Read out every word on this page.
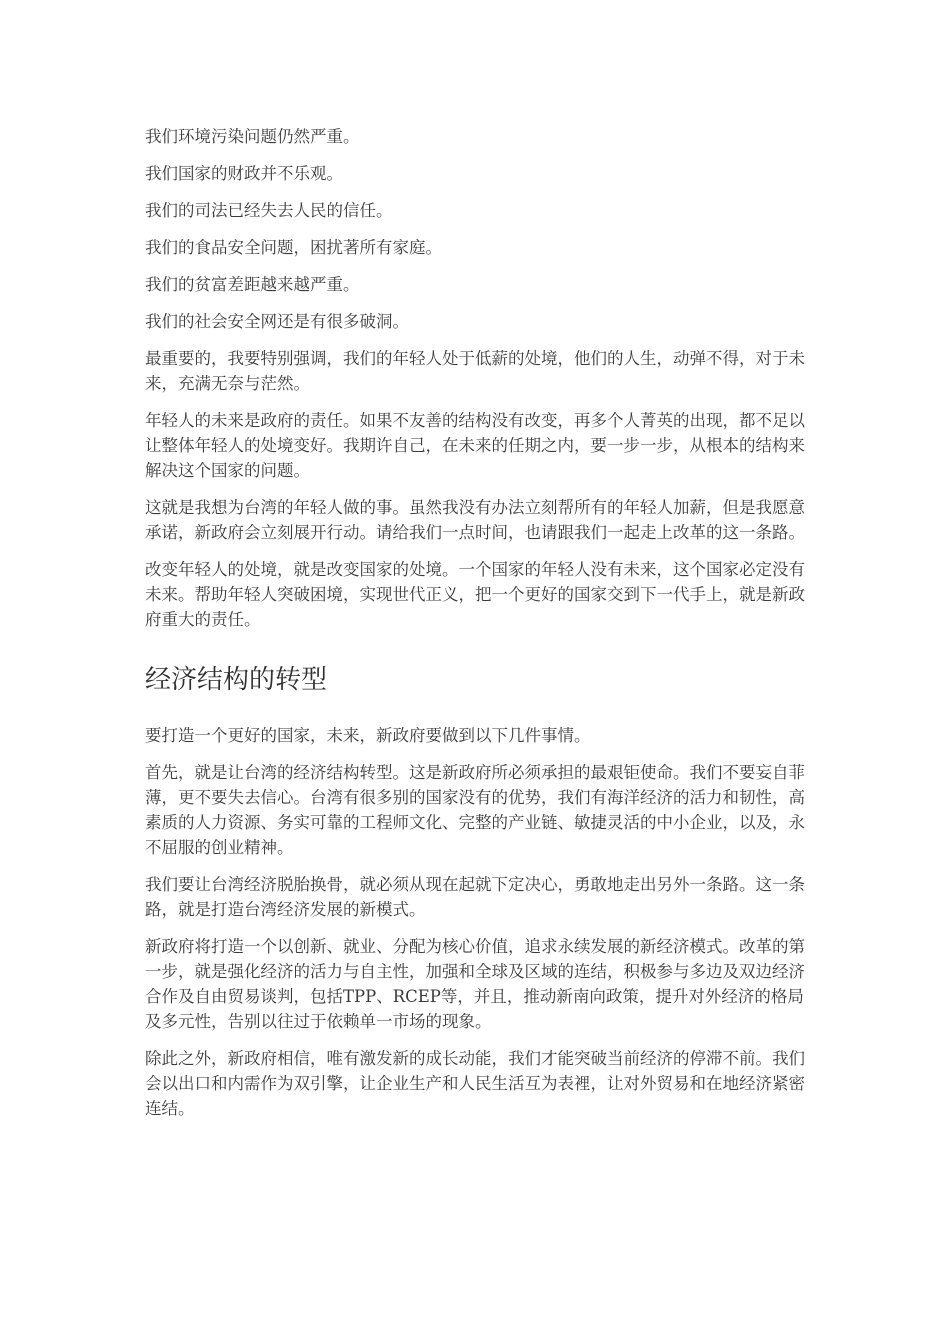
我们环境污染问题仍然严重。

我们国家的财政并不乐观。

我们的司法已经失去人民的信任。

我们的食品安全问题，困扰著所有家庭。

我们的贫富差距越来越严重。

我们的社会安全网还是有很多破洞。

最重要的，我要特别强调，我们的年轻人处于低薪的处境，他们的人生，动弹不得，对于未来，充满无奈与茫然。

年轻人的未来是政府的责任。如果不友善的结构没有改变，再多个人菁英的出现，都不足以让整体年轻人的处境变好。我期许自己，在未来的任期之内，要一步一步，从根本的结构来解决这个国家的问题。

这就是我想为台湾的年轻人做的事。虽然我没有办法立刻帮所有的年轻人加薪，但是我愿意承诺，新政府会立刻展开行动。请给我们一点时间，也请跟我们一起走上改革的这一条路。

改变年轻人的处境，就是改变国家的处境。一个国家的年轻人没有未来，这个国家必定没有未来。帮助年轻人突破困境，实现世代正义，把一个更好的国家交到下一代手上，就是新政府重大的责任。

经济结构的转型

要打造一个更好的国家，未来，新政府要做到以下几件事情。

首先，就是让台湾的经济结构转型。这是新政府所必须承担的最艰钜使命。我们不要妄自菲薄，更不要失去信心。台湾有很多别的国家没有的优势，我们有海洋经济的活力和韧性，高素质的人力资源、务实可靠的工程师文化、完整的产业链、敏捷灵活的中小企业，以及，永不屈服的创业精神。

我们要让台湾经济脱胎换骨，就必须从现在起就下定决心，勇敢地走出另外一条路。这一条路，就是打造台湾经济发展的新模式。

新政府将打造一个以创新、就业、分配为核心价值，追求永续发展的新经济模式。改革的第一步，就是强化经济的活力与自主性，加强和全球及区域的连结，积极参与多边及双边经济合作及自由贸易谈判，包括TPP、RCEP等，并且，推动新南向政策，提升对外经济的格局及多元性，告别以往过于依赖单一市场的现象。

除此之外，新政府相信，唯有激发新的成长动能，我们才能突破当前经济的停滞不前。我们会以出口和内需作为双引擎，让企业生产和人民生活互为表裡，让对外贸易和在地经济紧密连结。
